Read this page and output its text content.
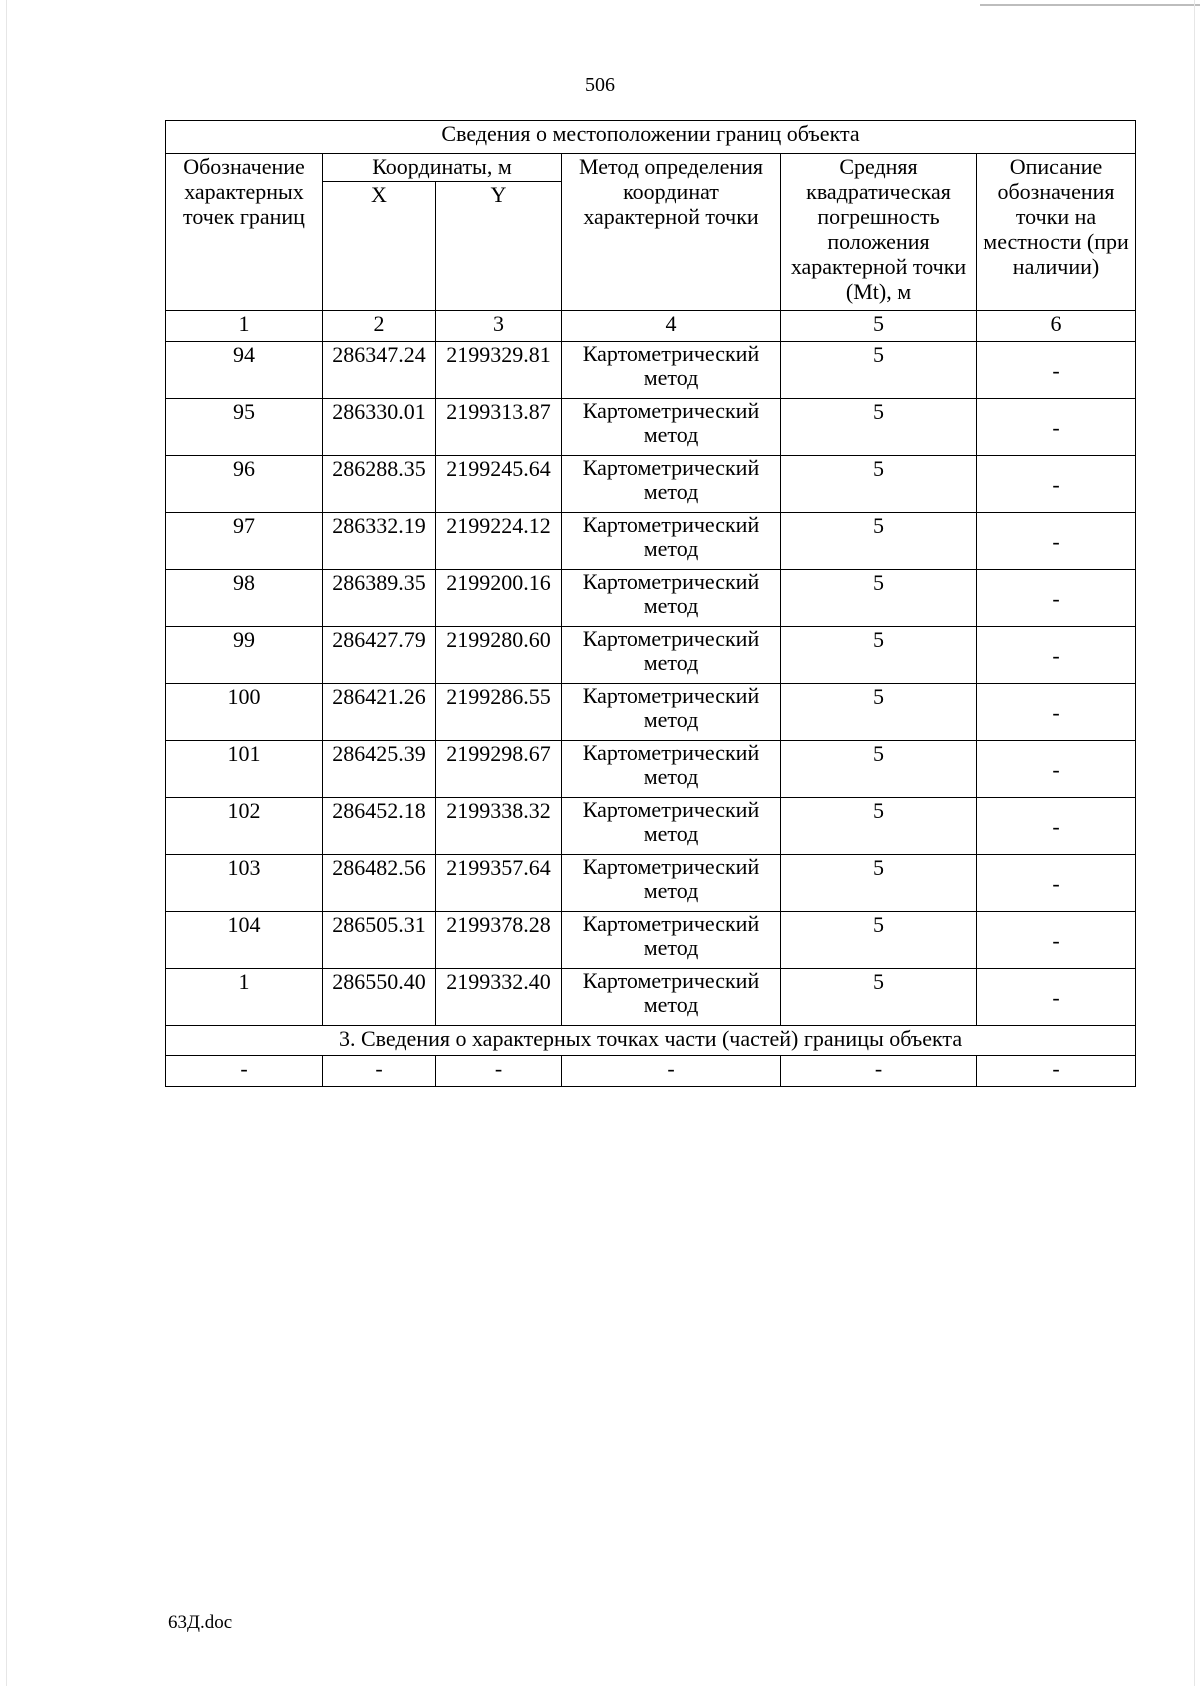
506
Сведения о местоположении границ объекта					
Обозначение характерных точек границ	Координаты, м		Метод определения координат характерной точки	Средняя квадратическая погрешность положения характерной точки (Mt), м	Описание обозначения точки на местности (при наличии)
	X	Y			
1	2	3	4	5	6
94	286347.24	2199329.81	Картометрический метод	5	-
95	286330.01	2199313.87	Картометрический метод	5	-
96	286288.35	2199245.64	Картометрический метод	5	-
97	286332.19	2199224.12	Картометрический метод	5	-
98	286389.35	2199200.16	Картометрический метод	5	-
99	286427.79	2199280.60	Картометрический метод	5	-
100	286421.26	2199286.55	Картометрический метод	5	-
101	286425.39	2199298.67	Картометрический метод	5	-
102	286452.18	2199338.32	Картометрический метод	5	-
103	286482.56	2199357.64	Картометрический метод	5	-
104	286505.31	2199378.28	Картометрический метод	5	-
1	286550.40	2199332.40	Картометрический метод	5	-
3. Сведения о характерных точках части (частей) границы объекта					
-	-	-	-	-	-
63Д.doc
